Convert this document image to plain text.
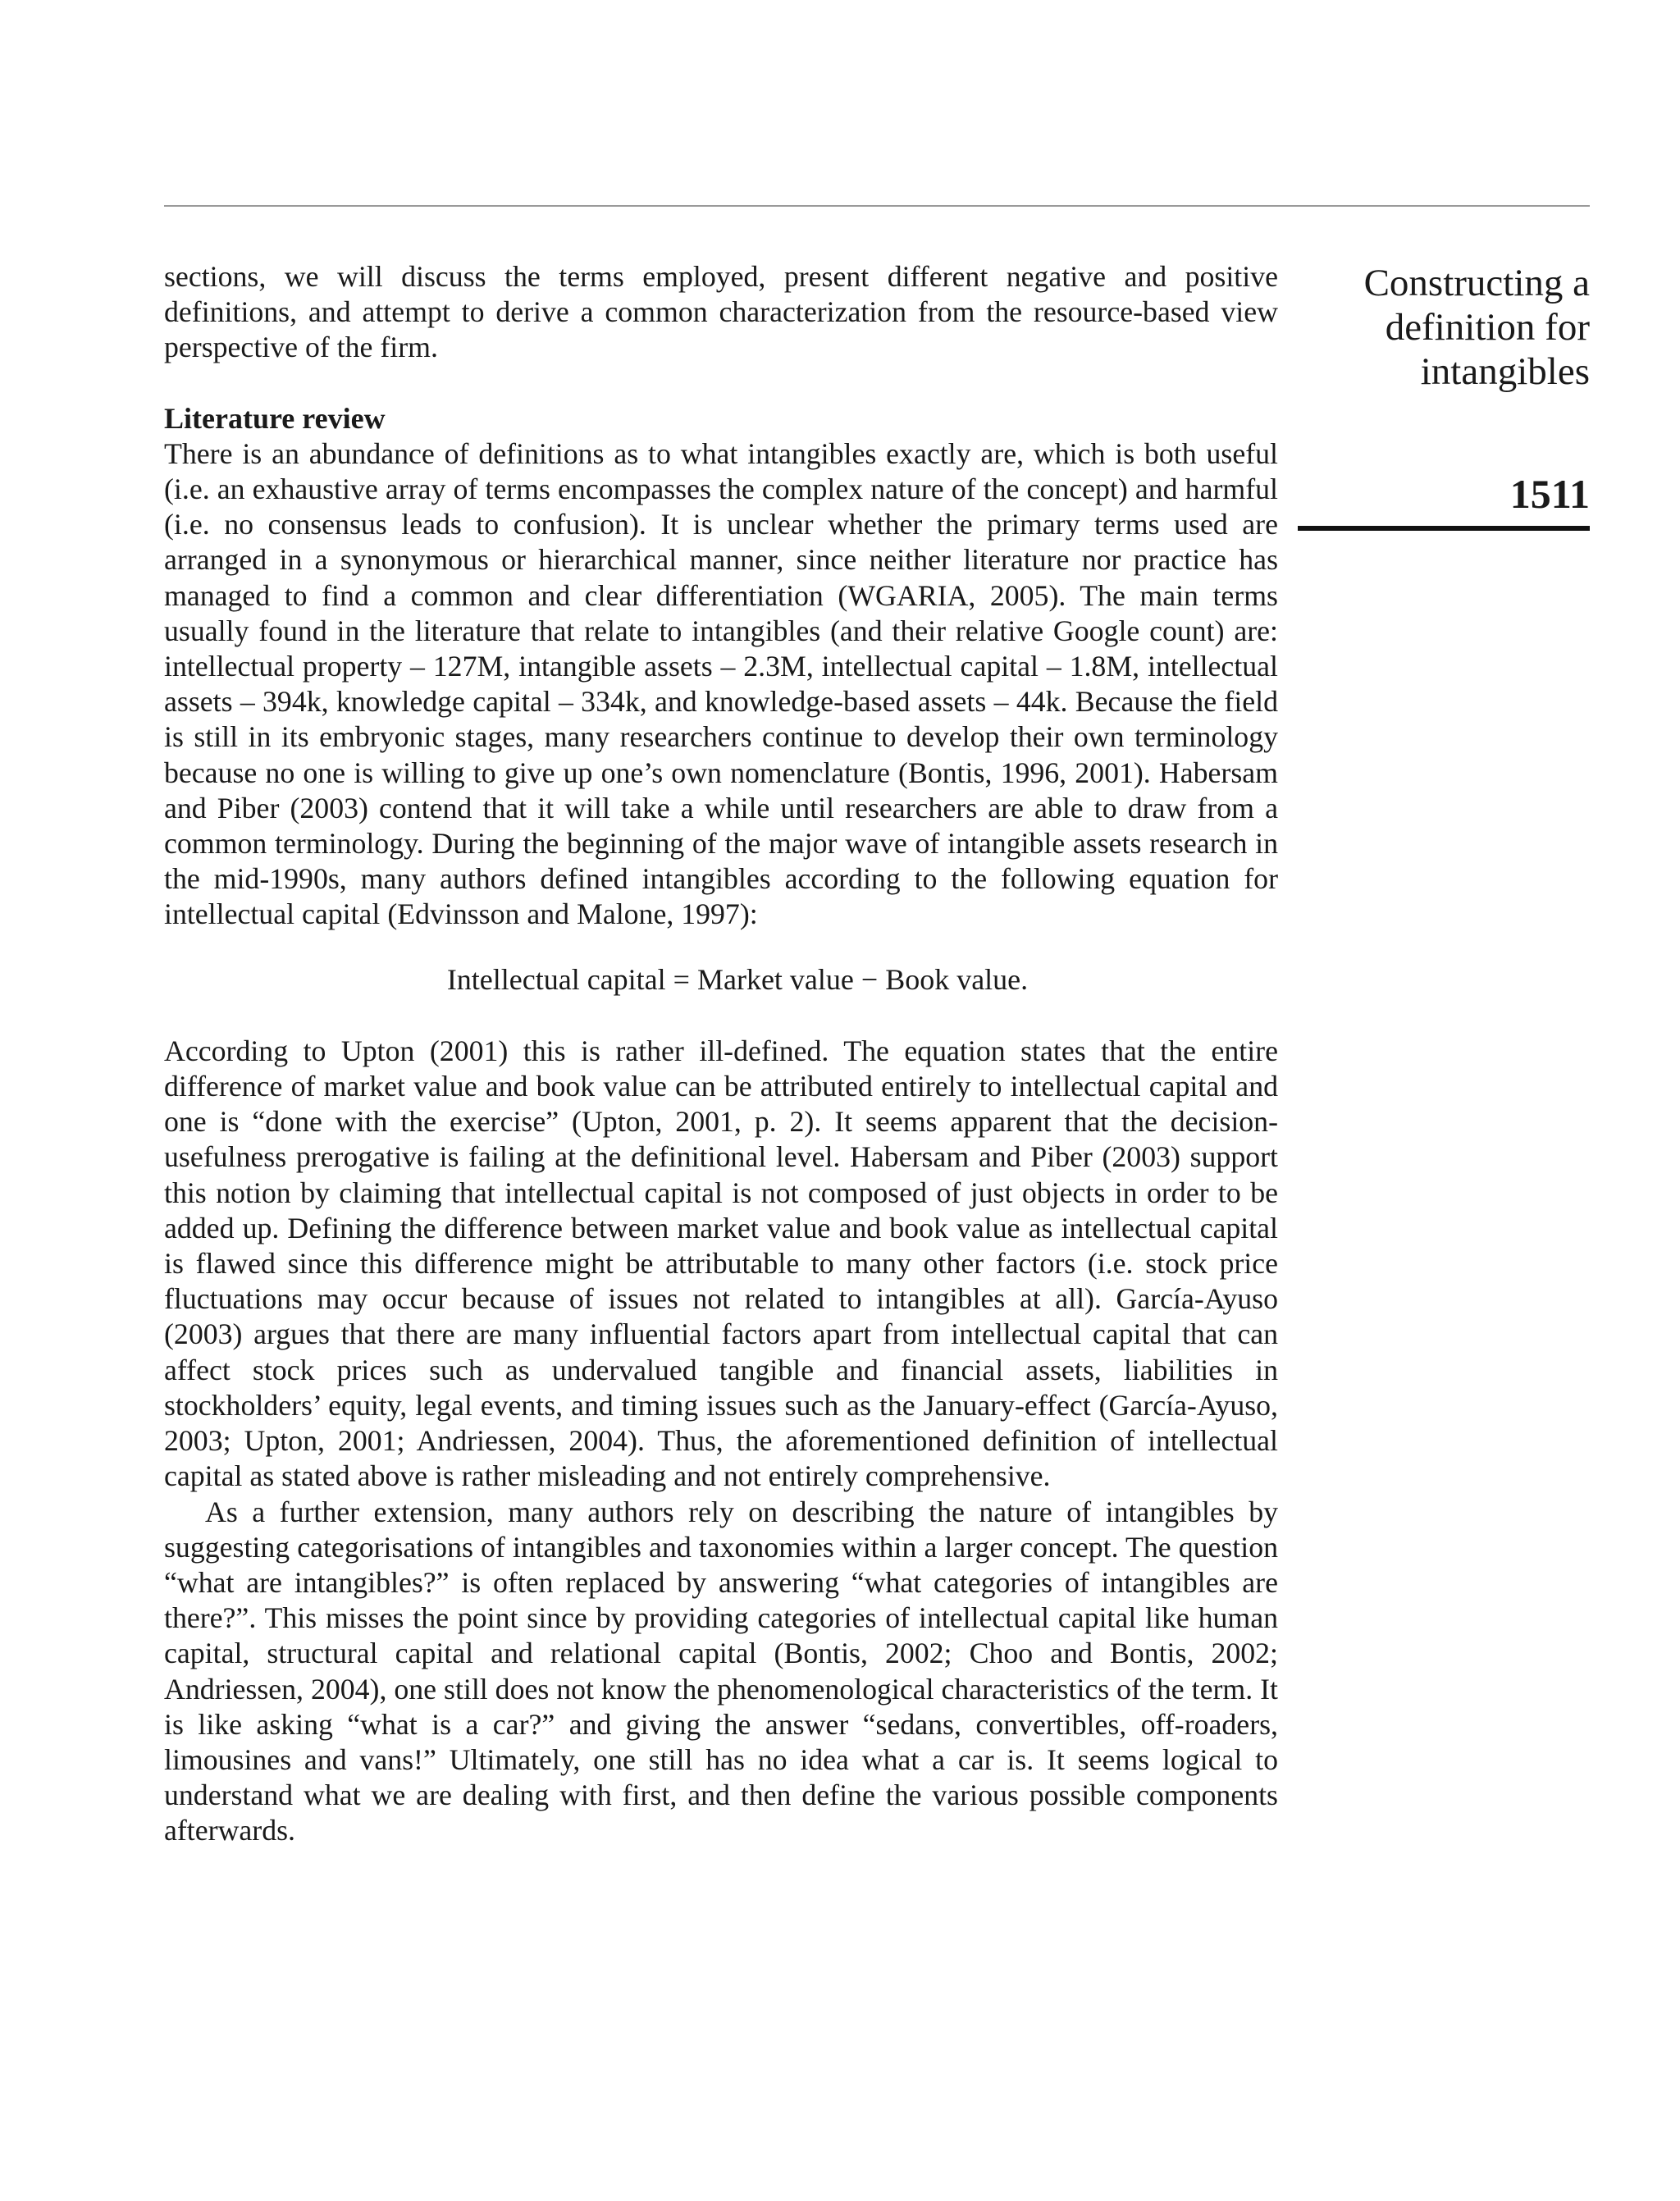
Constructing a
definition for
intangibles
1511

sections, we will discuss the terms employed, present different negative and positive definitions, and attempt to derive a common characterization from the resource-based view perspective of the firm.

Literature review

There is an abundance of definitions as to what intangibles exactly are, which is both useful (i.e. an exhaustive array of terms encompasses the complex nature of the concept) and harmful (i.e. no consensus leads to confusion). It is unclear whether the primary terms used are arranged in a synonymous or hierarchical manner, since neither literature nor practice has managed to find a common and clear differentiation (WGARIA, 2005). The main terms usually found in the literature that relate to intangibles (and their relative Google count) are: intellectual property – 127M, intangible assets – 2.3M, intellectual capital – 1.8M, intellectual assets – 394k, knowledge capital – 334k, and knowledge-based assets – 44k. Because the field is still in its embryonic stages, many researchers continue to develop their own terminology because no one is willing to give up one’s own nomenclature (Bontis, 1996, 2001). Habersam and Piber (2003) contend that it will take a while until researchers are able to draw from a common terminology. During the beginning of the major wave of intangible assets research in the mid-1990s, many authors defined intangibles according to the following equation for intellectual capital (Edvinsson and Malone, 1997):

Intellectual capital = Market value − Book value.

According to Upton (2001) this is rather ill-defined. The equation states that the entire difference of market value and book value can be attributed entirely to intellectual capital and one is “done with the exercise” (Upton, 2001, p. 2). It seems apparent that the decision-usefulness prerogative is failing at the definitional level. Habersam and Piber (2003) support this notion by claiming that intellectual capital is not composed of just objects in order to be added up. Defining the difference between market value and book value as intellectual capital is flawed since this difference might be attributable to many other factors (i.e. stock price fluctuations may occur because of issues not related to intangibles at all). García-Ayuso (2003) argues that there are many influential factors apart from intellectual capital that can affect stock prices such as undervalued tangible and financial assets, liabilities in stockholders’ equity, legal events, and timing issues such as the January-effect (García-Ayuso, 2003; Upton, 2001; Andriessen, 2004). Thus, the aforementioned definition of intellectual capital as stated above is rather misleading and not entirely comprehensive.

As a further extension, many authors rely on describing the nature of intangibles by suggesting categorisations of intangibles and taxonomies within a larger concept. The question “what are intangibles?” is often replaced by answering “what categories of intangibles are there?”. This misses the point since by providing categories of intellectual capital like human capital, structural capital and relational capital (Bontis, 2002; Choo and Bontis, 2002; Andriessen, 2004), one still does not know the phenomenological characteristics of the term. It is like asking “what is a car?” and giving the answer “sedans, convertibles, off-roaders, limousines and vans!” Ultimately, one still has no idea what a car is. It seems logical to understand what we are dealing with first, and then define the various possible components afterwards.
